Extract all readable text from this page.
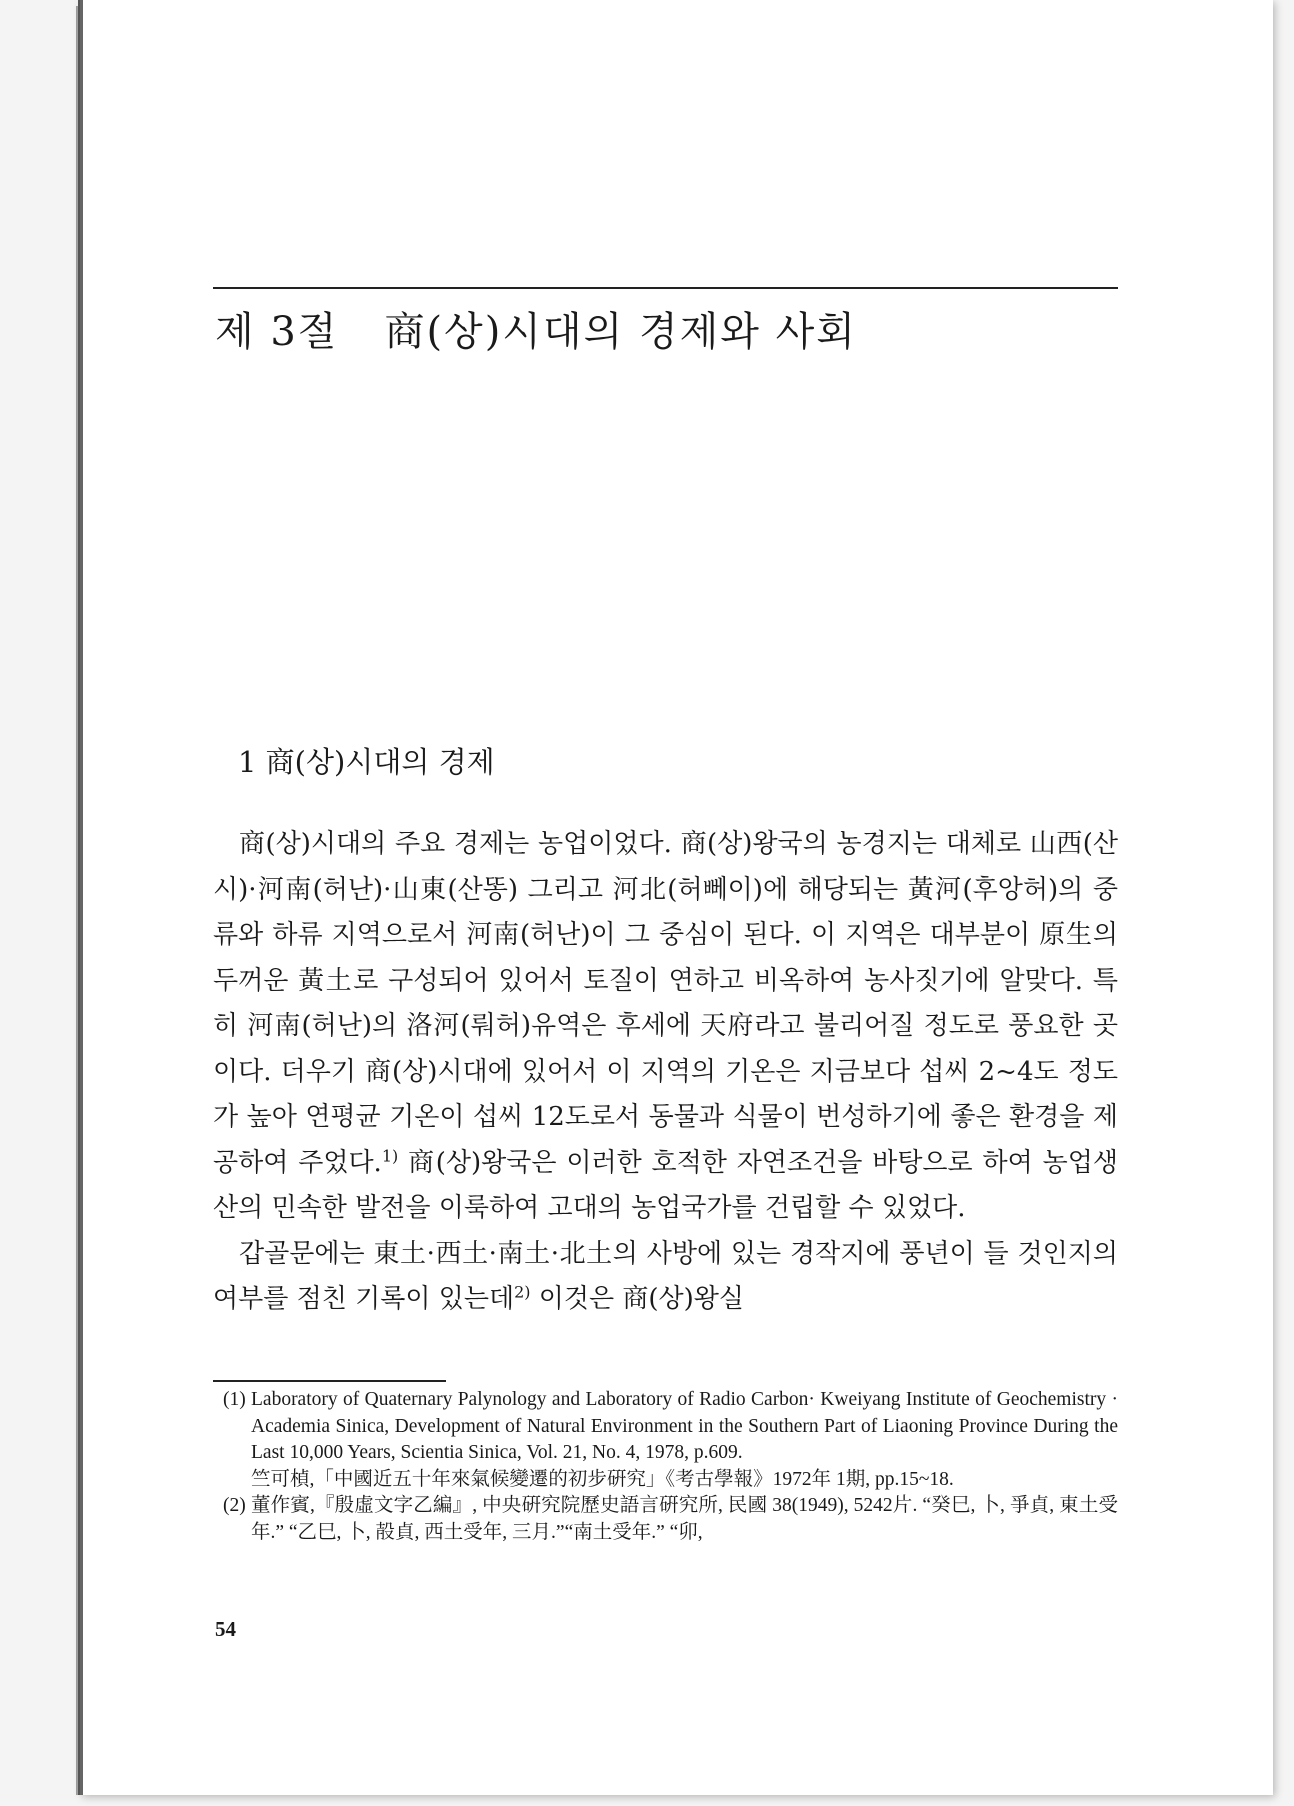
제 3절 商(상)시대의 경제와 사회
1 商(상)시대의 경제

商(상)시대의 주요 경제는 농업이었다. 商(상)왕국의 농경지는 대체로 山西(산시)·河南(허난)·山東(산똥) 그리고 河北(허뻬이)에 해당되는 黃河(후앙허)의 중류와 하류 지역으로서 河南(허난)이 그 중심이 된다. 이 지역은 대부분이 原生의 두꺼운 黃土로 구성되어 있어서 토질이 연하고 비옥하여 농사짓기에 알맞다. 특히 河南(허난)의 洛河(뤄허)유역은 후세에 天府라고 불리어질 정도로 풍요한 곳이다. 더우기 商(상)시대에 있어서 이 지역의 기온은 지금보다 섭씨 2~4도 정도가 높아 연평균 기온이 섭씨 12도로서 동물과 식물이 번성하기에 좋은 환경을 제공하여 주었다.$^{1)}$ 商(상)왕국은 이러한 호적한 자연조건을 바탕으로 하여 농업생산의 민속한 발전을 이룩하여 고대의 농업국가를 건립할 수 있었다.

갑골문에는 東土·西土·南土·北土의 사방에 있는 경작지에 풍년이 들 것인지의 여부를 점친 기록이 있는데$^{2)}$ 이것은 商(상)왕실

(1) Laboratory of Quaternary Palynology and Laboratory of Radio Carbon· Kweiyang Institute of Geochemistry · Academia Sinica, Development of Natural Environment in the Southern Part of Liaoning Province During the Last 10,000 Years, Scientia Sinica, Vol. 21, No. 4, 1978, p.609.
竺可楨,「中國近五十年來氣候變遷的初步硏究」《考古學報》1972年 1期, pp.15~18.
(2) 董作賓,『殷虛文字乙編』, 中央硏究院歷史語言硏究所, 民國 38(1949), 5242片. “癸巳, 卜, 爭貞, 東土受年.” “乙巳, 卜, 㱿貞, 西土受年, 三月.”“南土受年.” “卯,
54
